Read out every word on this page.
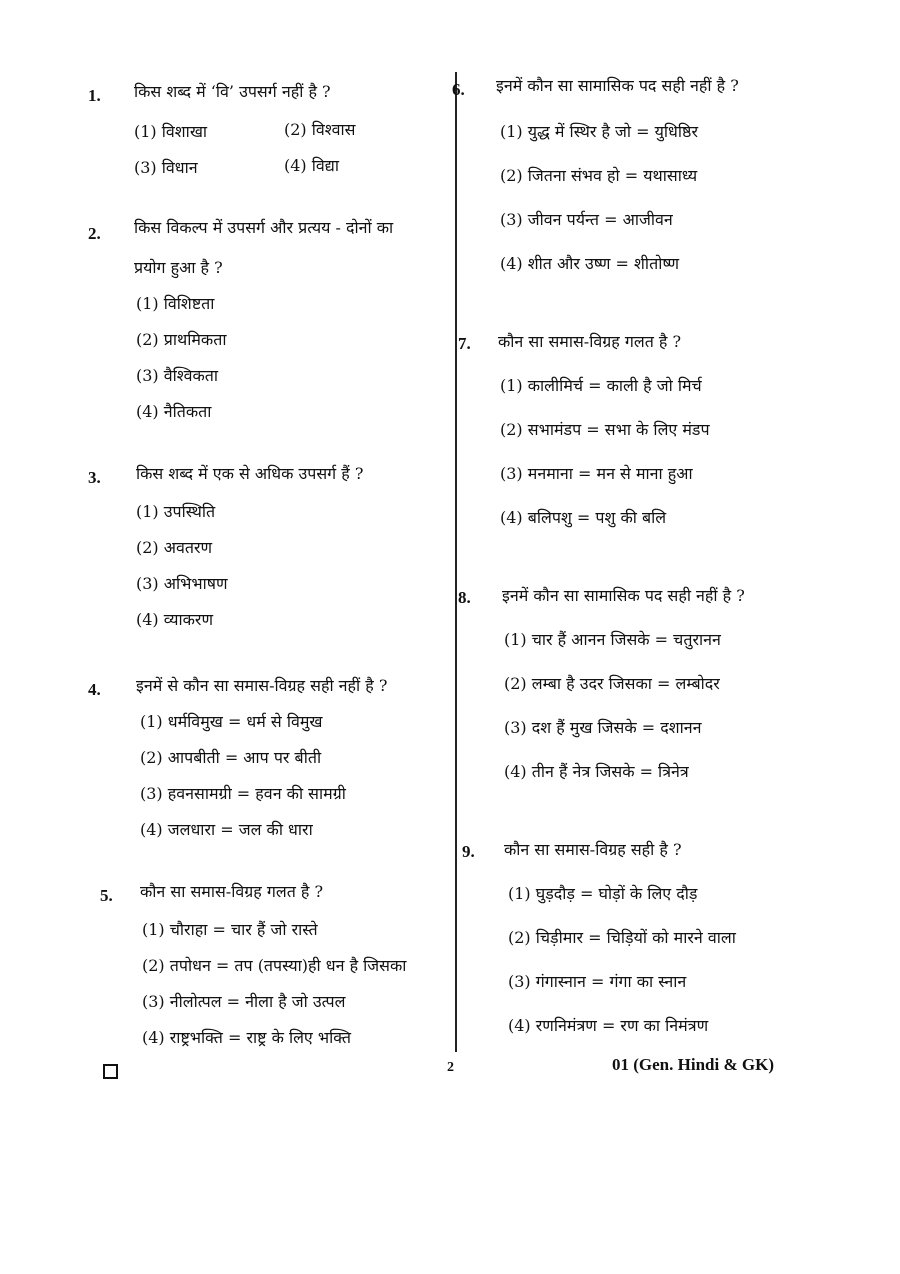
1. किस शब्द में ‘वि’ उपसर्ग नहीं है ?
(1) विशाखा	(2) विश्वास
(3) विधान	(4) विद्या
2. किस विकल्प में उपसर्ग और प्रत्यय - दोनों का
प्रयोग हुआ है ?
(1) विशिष्टता
(2) प्राथमिकता
(3) वैश्विकता
(4) नैतिकता
3. किस शब्द में एक से अधिक उपसर्ग हैं ?
(1) उपस्थिति
(2) अवतरण
(3) अभिभाषण
(4) व्याकरण
4. इनमें से कौन सा समास-विग्रह सही नहीं है ?
(1) धर्मविमुख = धर्म से विमुख
(2) आपबीती = आप पर बीती
(3) हवनसामग्री = हवन की सामग्री
(4) जलधारा = जल की धारा
5. कौन सा समास-विग्रह गलत है ?
(1) चौराहा = चार हैं जो रास्ते
(2) तपोधन = तप (तपस्या)ही धन है जिसका
(3) नीलोत्पल = नीला है जो उत्पल
(4) राष्ट्रभक्ति = राष्ट्र के लिए भक्ति
6. इनमें कौन सा सामासिक पद सही नहीं है ?
(1) युद्ध में स्थिर है जो = युधिष्ठिर
(2) जितना संभव हो = यथासाध्य
(3) जीवन पर्यन्त = आजीवन
(4) शीत और उष्ण = शीतोष्ण
7. कौन सा समास-विग्रह गलत है ?
(1) कालीमिर्च = काली है जो मिर्च
(2) सभामंडप = सभा के लिए मंडप
(3) मनमाना = मन से माना हुआ
(4) बलिपशु = पशु की बलि
8. इनमें कौन सा सामासिक पद सही नहीं है ?
(1) चार हैं आनन जिसके = चतुरानन
(2) लम्बा है उदर जिसका = लम्बोदर
(3) दश हैं मुख जिसके = दशानन
(4) तीन हैं नेत्र जिसके = त्रिनेत्र
9. कौन सा समास-विग्रह सही है ?
(1) घुड़दौड़ = घोड़ों के लिए दौड़
(2) चिड़ीमार = चिड़ियों को मारने वाला
(3) गंगास्नान = गंगा का स्नान
(4) रणनिमंत्रण = रण का निमंत्रण
2	01 (Gen. Hindi & GK)
